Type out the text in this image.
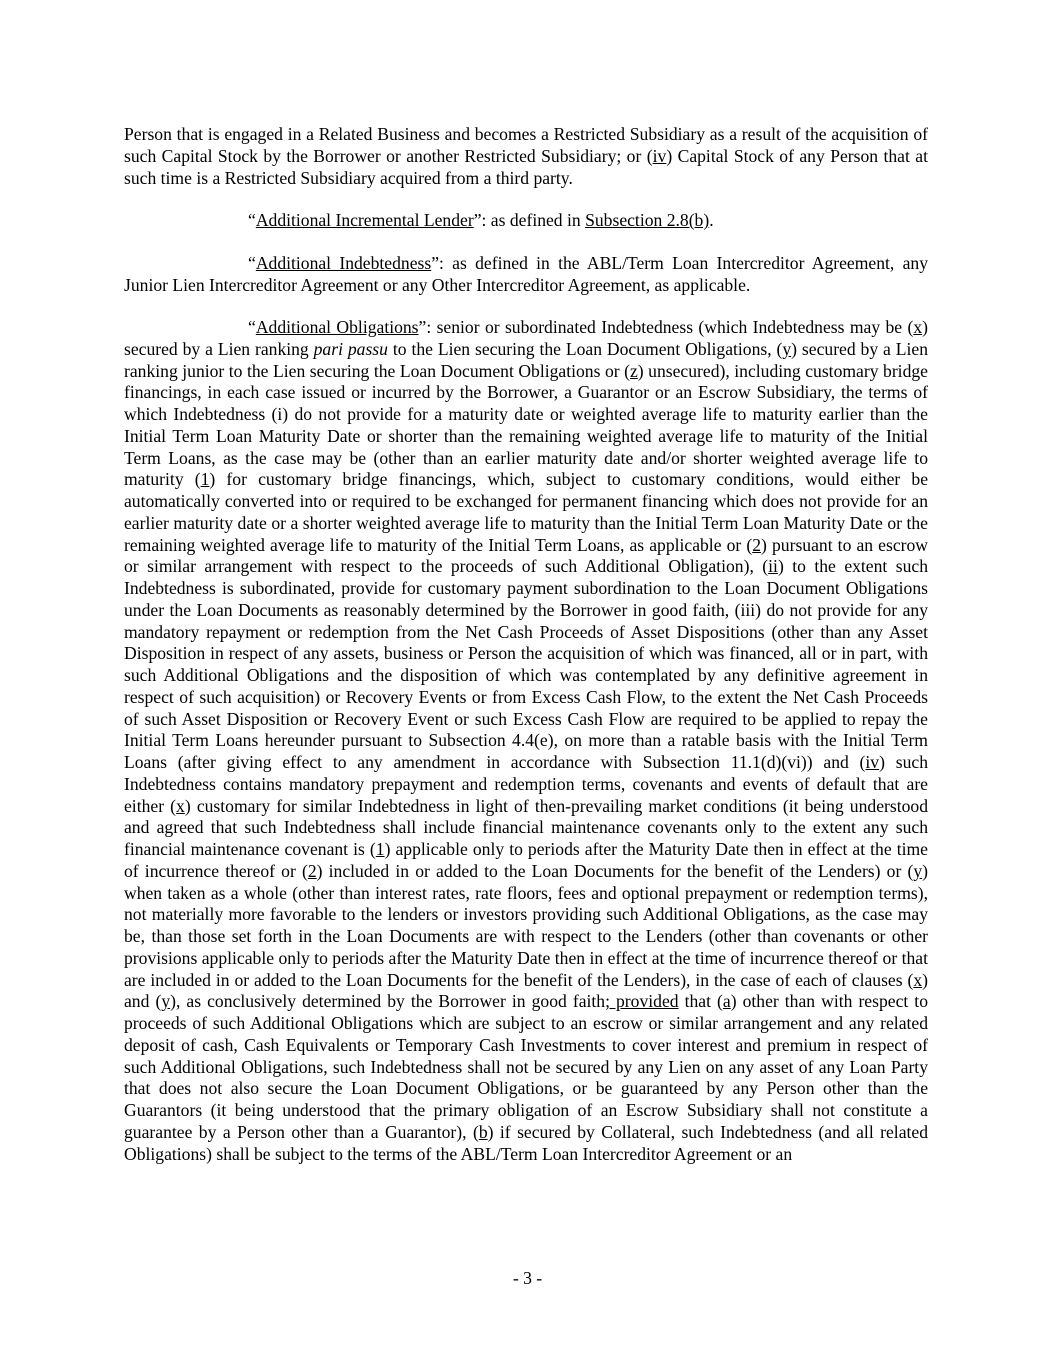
Person that is engaged in a Related Business and becomes a Restricted Subsidiary as a result of the acquisition of such Capital Stock by the Borrower or another Restricted Subsidiary; or (iv) Capital Stock of any Person that at such time is a Restricted Subsidiary acquired from a third party.

“Additional Incremental Lender”: as defined in Subsection 2.8(b).

“Additional Indebtedness”: as defined in the ABL/Term Loan Intercreditor Agreement, any Junior Lien Intercreditor Agreement or any Other Intercreditor Agreement, as applicable.

“Additional Obligations”: senior or subordinated Indebtedness (which Indebtedness may be (x) secured by a Lien ranking pari passu to the Lien securing the Loan Document Obligations, (y) secured by a Lien ranking junior to the Lien securing the Loan Document Obligations or (z) unsecured), including customary bridge financings, in each case issued or incurred by the Borrower, a Guarantor or an Escrow Subsidiary, the terms of which Indebtedness (i) do not provide for a maturity date or weighted average life to maturity earlier than the Initial Term Loan Maturity Date or shorter than the remaining weighted average life to maturity of the Initial Term Loans, as the case may be (other than an earlier maturity date and/or shorter weighted average life to maturity (1) for customary bridge financings, which, subject to customary conditions, would either be automatically converted into or required to be exchanged for permanent financing which does not provide for an earlier maturity date or a shorter weighted average life to maturity than the Initial Term Loan Maturity Date or the remaining weighted average life to maturity of the Initial Term Loans, as applicable or (2) pursuant to an escrow or similar arrangement with respect to the proceeds of such Additional Obligation), (ii) to the extent such Indebtedness is subordinated, provide for customary payment subordination to the Loan Document Obligations under the Loan Documents as reasonably determined by the Borrower in good faith, (iii) do not provide for any mandatory repayment or redemption from the Net Cash Proceeds of Asset Dispositions (other than any Asset Disposition in respect of any assets, business or Person the acquisition of which was financed, all or in part, with such Additional Obligations and the disposition of which was contemplated by any definitive agreement in respect of such acquisition) or Recovery Events or from Excess Cash Flow, to the extent the Net Cash Proceeds of such Asset Disposition or Recovery Event or such Excess Cash Flow are required to be applied to repay the Initial Term Loans hereunder pursuant to Subsection 4.4(e), on more than a ratable basis with the Initial Term Loans (after giving effect to any amendment in accordance with Subsection 11.1(d)(vi)) and (iv) such Indebtedness contains mandatory prepayment and redemption terms, covenants and events of default that are either (x) customary for similar Indebtedness in light of then-prevailing market conditions (it being understood and agreed that such Indebtedness shall include financial maintenance covenants only to the extent any such financial maintenance covenant is (1) applicable only to periods after the Maturity Date then in effect at the time of incurrence thereof or (2) included in or added to the Loan Documents for the benefit of the Lenders) or (y) when taken as a whole (other than interest rates, rate floors, fees and optional prepayment or redemption terms), not materially more favorable to the lenders or investors providing such Additional Obligations, as the case may be, than those set forth in the Loan Documents are with respect to the Lenders (other than covenants or other provisions applicable only to periods after the Maturity Date then in effect at the time of incurrence thereof or that are included in or added to the Loan Documents for the benefit of the Lenders), in the case of each of clauses (x) and (y), as conclusively determined by the Borrower in good faith; provided that (a) other than with respect to proceeds of such Additional Obligations which are subject to an escrow or similar arrangement and any related deposit of cash, Cash Equivalents or Temporary Cash Investments to cover interest and premium in respect of such Additional Obligations, such Indebtedness shall not be secured by any Lien on any asset of any Loan Party that does not also secure the Loan Document Obligations, or be guaranteed by any Person other than the Guarantors (it being understood that the primary obligation of an Escrow Subsidiary shall not constitute a guarantee by a Person other than a Guarantor), (b) if secured by Collateral, such Indebtedness (and all related Obligations) shall be subject to the terms of the ABL/Term Loan Intercreditor Agreement or an

- 3 -
